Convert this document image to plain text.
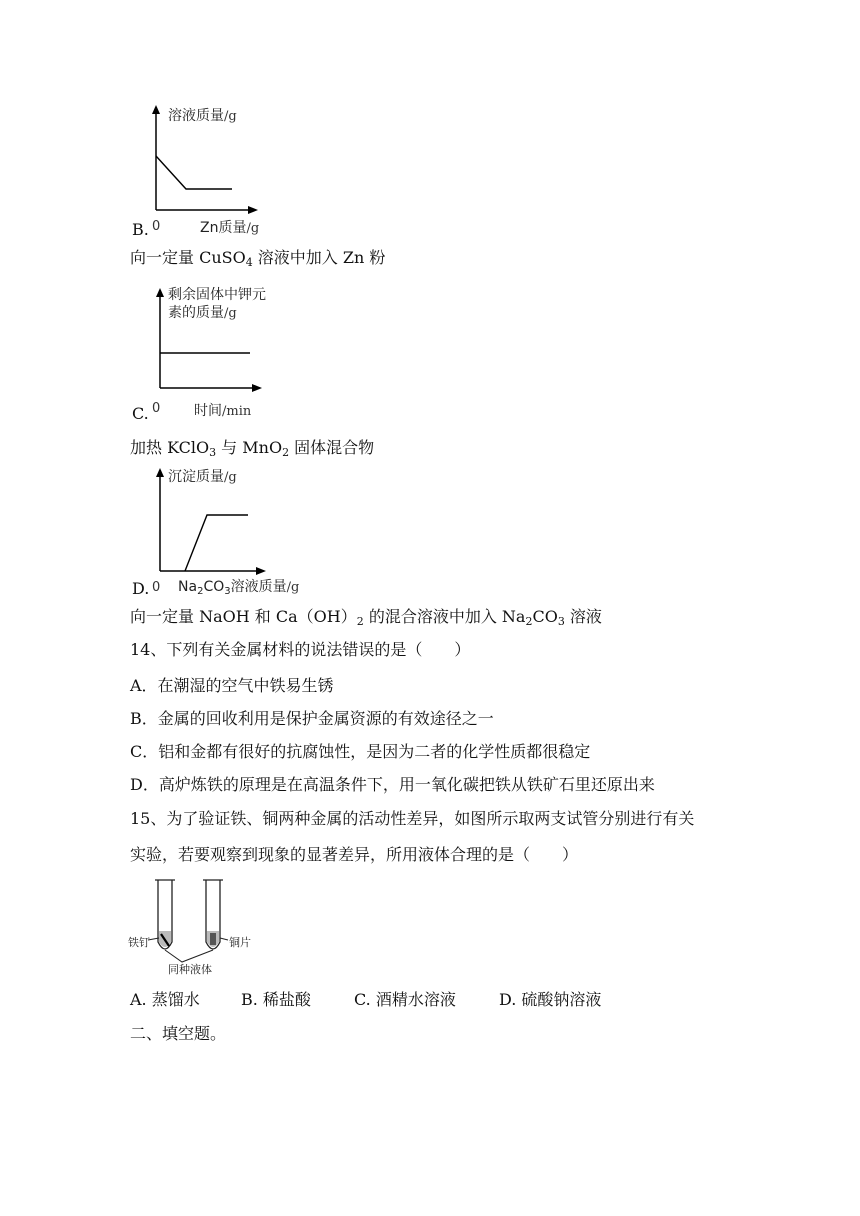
溶液质量/g
0	Zn质量/g
B.
向一定量 CuSO$_4$ 溶液中加入 Zn 粉
剩余固体中钾元
素的质量/g
0 时间/min
C.
加热 KClO$_3$ 与 MnO$_2$ 固体混合物
沉淀质量/g
0 $Na_2CO_3$溶液质量/g
D.
向一定量 NaOH 和 $Ca(OH)_2$ 的混合溶液中加入 $Na_2CO_3$ 溶液
14、下列有关金属材料的说法错误的是（　　）
A．在潮湿的空气中铁易生锈
B．金属的回收利用是保护金属资源的有效途径之一
C．铝和金都有很好的抗腐蚀性，是因为二者的化学性质都很稳定
D．高炉炼铁的原理是在高温条件下，用一氧化碳把铁从铁矿石里还原出来
15、为了验证铁、铜两种金属的活动性差异，如图所示取两支试管分别进行有关
实验，若要观察到现象的显著差异，所用液体合理的是（　　）
铁钉	铜片
同种液体
A. 蒸馏水	B. 稀盐酸	C. 酒精水溶液	D. 硫酸钠溶液
二、填空题。
